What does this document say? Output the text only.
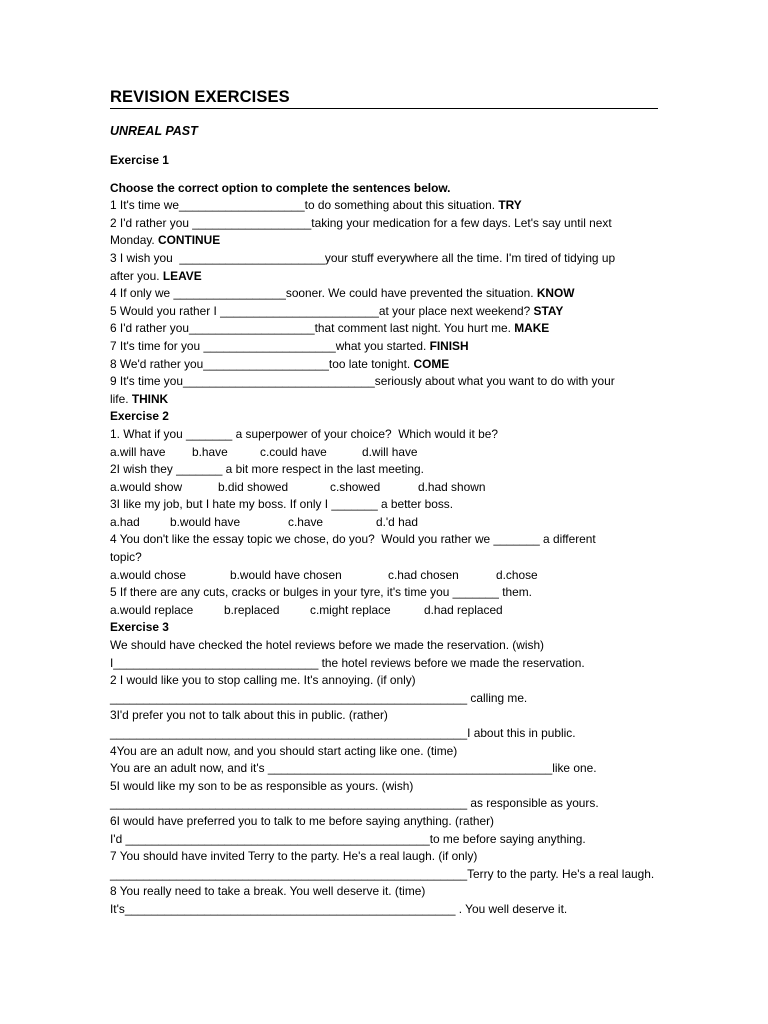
REVISION EXERCISES
UNREAL PAST
Exercise 1
Choose the correct option to complete the sentences below.
1 It's time we___________________to do something about this situation. TRY
2 I'd rather you __________________taking your medication for a few days. Let's say until next
Monday. CONTINUE
3 I wish you  ______________________your stuff everywhere all the time. I'm tired of tidying up
after you. LEAVE
4 If only we _________________sooner. We could have prevented the situation. KNOW
5 Would you rather I ________________________at your place next weekend? STAY
6 I'd rather you___________________that comment last night. You hurt me. MAKE
7 It's time for you ____________________what you started. FINISH
8 We'd rather you___________________too late tonight. COME
9 It's time you_____________________________seriously about what you want to do with your
life. THINK
Exercise 2
1. What if you _______ a superpower of your choice?  Which would it be?
a.will have b.have	c.could have	d.will have
2I wish they _______ a bit more respect in the last meeting.
a.would show	b.did showed	c.showed	d.had shown
3I like my job, but I hate my boss. If only I _______ a better boss.
a.had	b.would have	c.have	d.'d had
4 You don't like the essay topic we chose, do you?  Would you rather we _______ a different
topic?
a.would chose	b.would have chosen	c.had chosen	d.chose
5 If there are any cuts, cracks or bulges in your tyre, it's time you _______ them.
a.would replace	b.replaced	c.might replace	d.had replaced
Exercise 3
We should have checked the hotel reviews before we made the reservation. (wish)
I_______________________________ the hotel reviews before we made the reservation.
2 I would like you to stop calling me. It's annoying. (if only)
______________________________________________________ calling me.
3I'd prefer you not to talk about this in public. (rather)
______________________________________________________I about this in public.
4You are an adult now, and you should start acting like one. (time)
You are an adult now, and it's ___________________________________________like one.
5I would like my son to be as responsible as yours. (wish)
______________________________________________________ as responsible as yours.
6I would have preferred you to talk to me before saying anything. (rather)
I'd ______________________________________________to me before saying anything.
7 You should have invited Terry to the party. He's a real laugh. (if only)
______________________________________________________Terry to the party. He's a real laugh.
8 You really need to take a break. You well deserve it. (time)
It's__________________________________________________ . You well deserve it.
